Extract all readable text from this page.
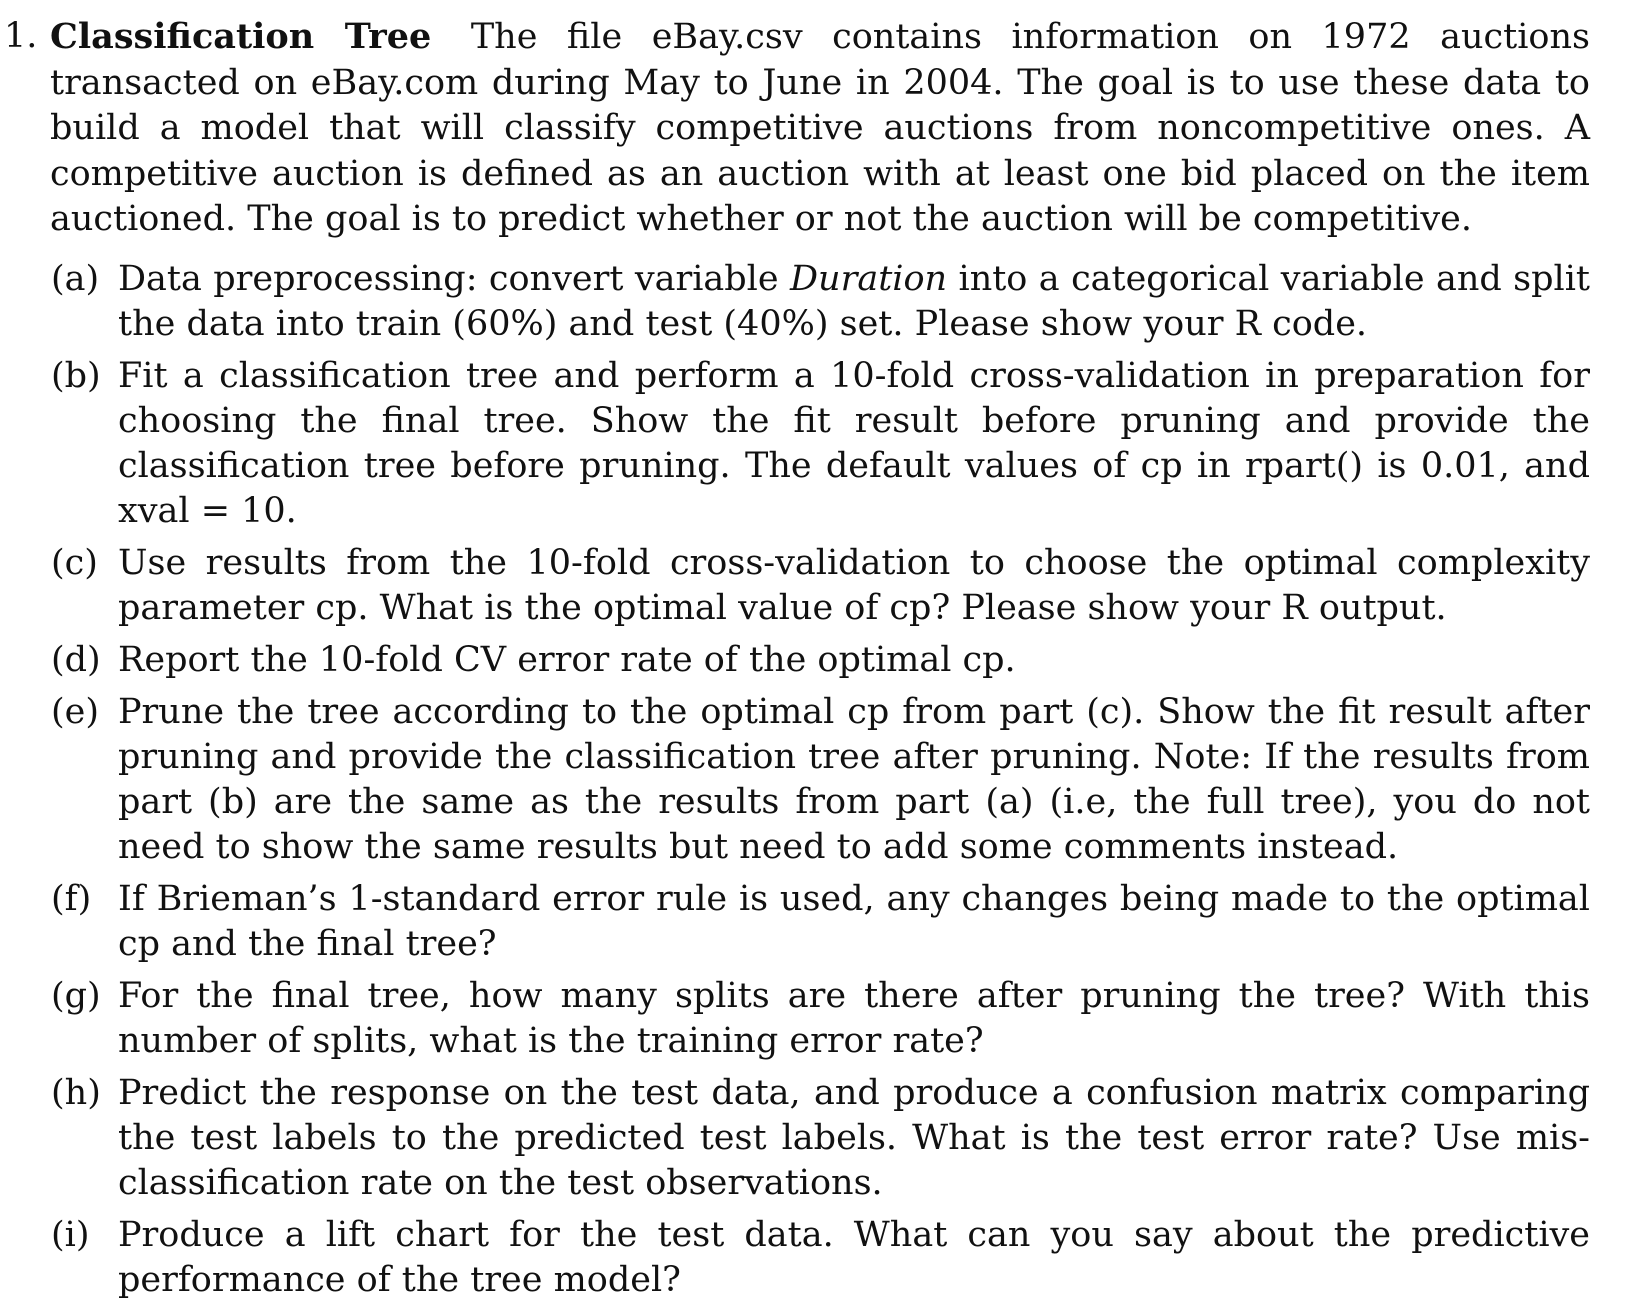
1. Classification Tree The file eBay.csv contains information on 1972 auctions transacted on eBay.com during May to June in 2004. The goal is to use these data to build a model that will classify competitive auctions from noncompetitive ones. A competitive auction is defined as an auction with at least one bid placed on the item auctioned. The goal is to predict whether or not the auction will be competitive.
(a) Data preprocessing: convert variable Duration into a categorical variable and split the data into train (60%) and test (40%) set. Please show your R code.
(b) Fit a classification tree and perform a 10-fold cross-validation in preparation for choosing the final tree. Show the fit result before pruning and provide the classification tree before pruning. The default values of cp in rpart() is 0.01, and xval = 10.
(c) Use results from the 10-fold cross-validation to choose the optimal complexity parameter cp. What is the optimal value of cp? Please show your R output.
(d) Report the 10-fold CV error rate of the optimal cp.
(e) Prune the tree according to the optimal cp from part (c). Show the fit result after pruning and provide the classification tree after pruning. Note: If the results from part (b) are the same as the results from part (a) (i.e, the full tree), you do not need to show the same results but need to add some comments instead.
(f) If Brieman’s 1-standard error rule is used, any changes being made to the optimal cp and the final tree?
(g) For the final tree, how many splits are there after pruning the tree? With this number of splits, what is the training error rate?
(h) Predict the response on the test data, and produce a confusion matrix comparing the test labels to the predicted test labels. What is the test error rate? Use mis-classification rate on the test observations.
(i) Produce a lift chart for the test data. What can you say about the predictive performance of the tree model?
